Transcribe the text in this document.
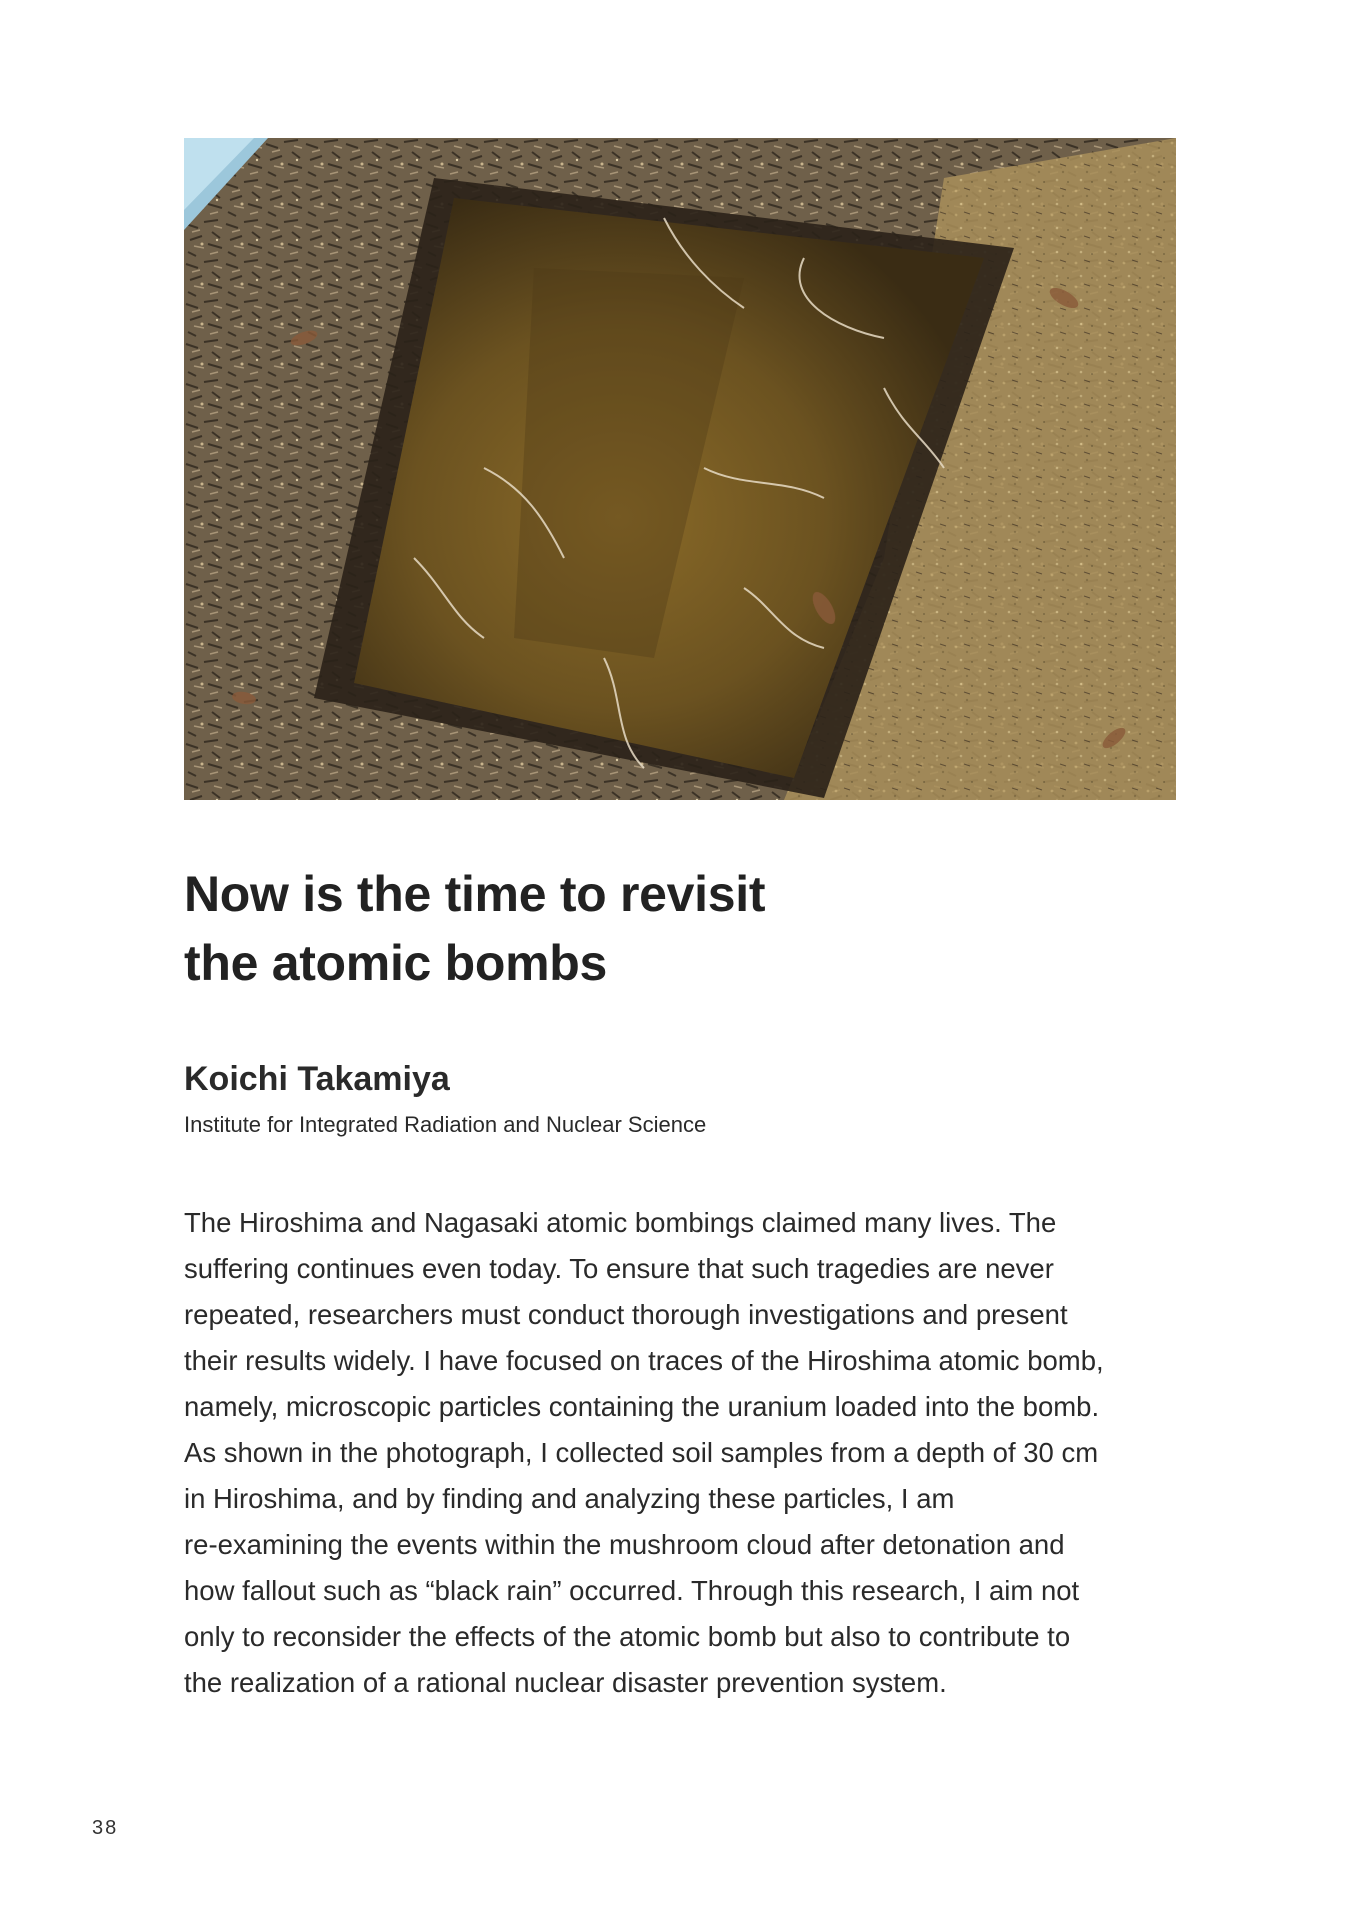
Now is the time to revisit
the atomic bombs

Koichi Takamiya

Institute for Integrated Radiation and Nuclear Science

The Hiroshima and Nagasaki atomic bombings claimed many lives. The
suffering continues even today. To ensure that such tragedies are never
repeated, researchers must conduct thorough investigations and present
their results widely. I have focused on traces of the Hiroshima atomic bomb,
namely, microscopic particles containing the uranium loaded into the bomb.
As shown in the photograph, I collected soil samples from a depth of 30 cm
in Hiroshima, and by finding and analyzing these particles, I am
re-examining the events within the mushroom cloud after detonation and
how fallout such as “black rain” occurred. Through this research, I aim not
only to reconsider the effects of the atomic bomb but also to contribute to
the realization of a rational nuclear disaster prevention system.

38
